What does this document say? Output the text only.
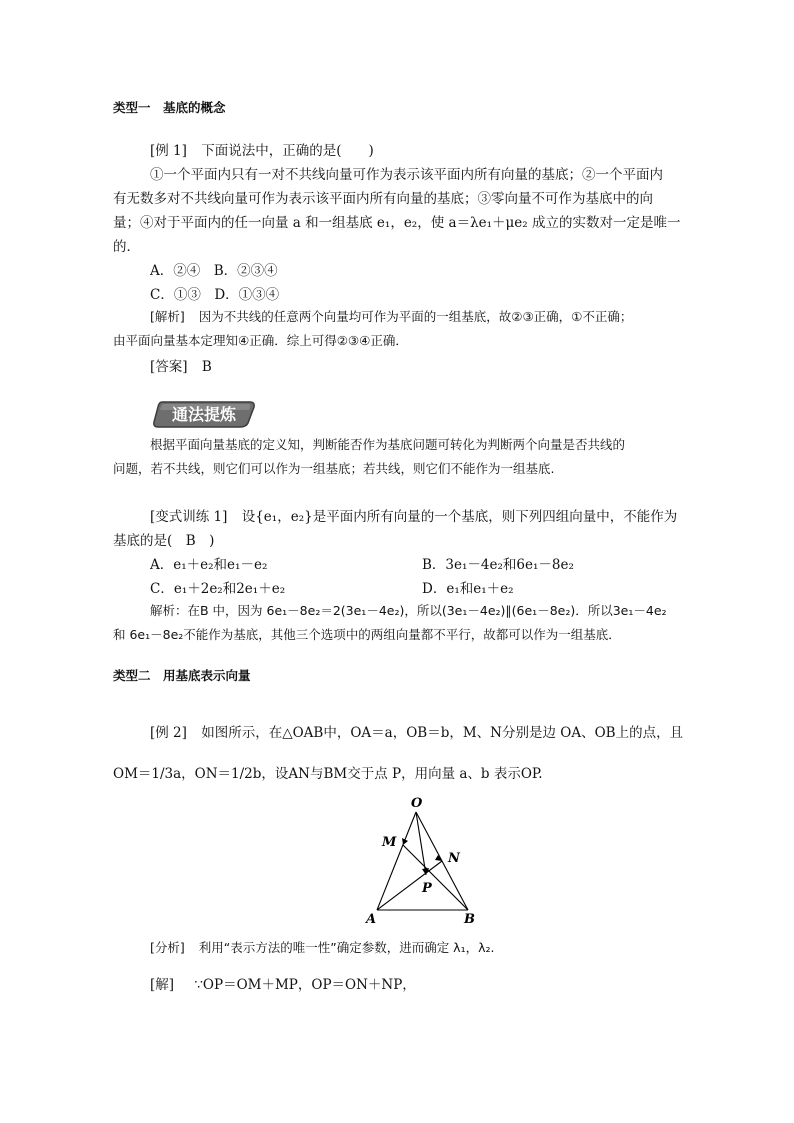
类型一　基底的概念
[例 1] 下面说法中，正确的是(　　)
①一个平面内只有一对不共线向量可作为表示该平面内所有向量的基底；②一个平面内
有无数多对不共线向量可作为表示该平面内所有向量的基底；③零向量不可作为基底中的向
量；④对于平面内的任一向量 a 和一组基底 e₁，e₂，使 a＝λe₁＋μe₂ 成立的实数对一定是唯一
的．
A．②④　B．②③④
C．①③　D．①③④
[解析] 因为不共线的任意两个向量均可作为平面的一组基底，故②③正确，①不正确；
由平面向量基本定理知④正确．综上可得②③④正确．
[答案] B
通法提炼
根据平面向量基底的定义知，判断能否作为基底问题可转化为判断两个向量是否共线的
问题，若不共线，则它们可以作为一组基底；若共线，则它们不能作为一组基底.
[变式训练 1] 设{e₁，e₂}是平面内所有向量的一个基底，则下列四组向量中，不能作为
基底的是(　B　)
A．e₁＋e₂和e₁－e₂	B．3e₁－4e₂和6e₁－8e₂
C．e₁＋2e₂和2e₁＋e₂	D．e₁和e₁＋e₂
解析：在B 中，因为 6e₁－8e₂＝2(3e₁－4e₂)，所以(3e₁－4e₂)∥(6e₁－8e₂)．所以3e₁－4e₂
和 6e₁－8e₂不能作为基底，其他三个选项中的两组向量都不平行，故都可以作为一组基底．
类型二　用基底表示向量
[例 2] 如图所示，在△OAB中，OA＝a，OB＝b，M、N分别是边 OA、OB上的点，且
OM＝1/3a，ON＝1/2b，设AN与BM交于点 P，用向量 a、b 表示OP.
O
M
N
P
A	B
[分析] 利用“表示方法的唯一性”确定参数，进而确定 λ₁，λ₂.
[解] ∵OP＝OM＋MP，OP＝ON＋NP，
